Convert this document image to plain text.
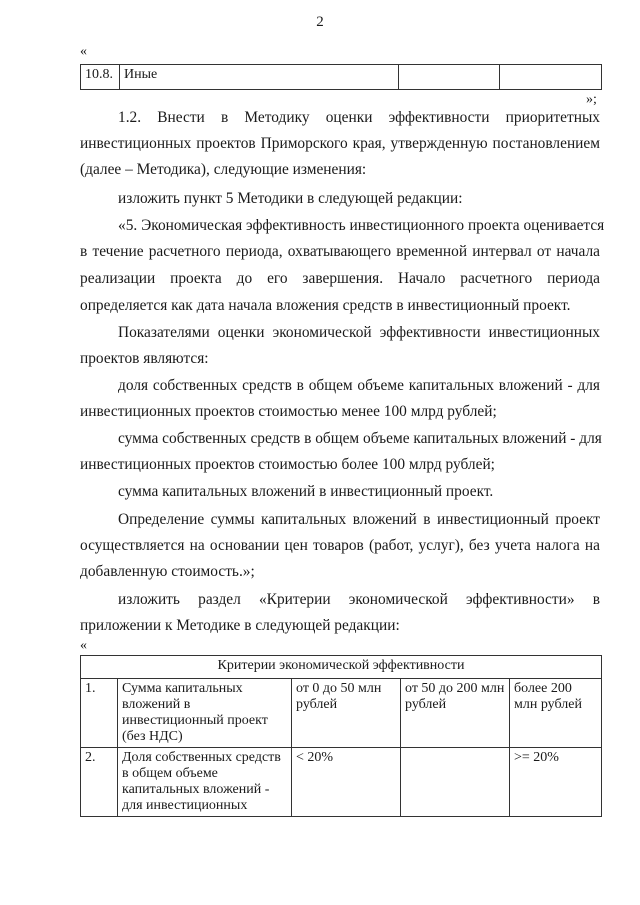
2
«
10.8.	Иные		
»;
1.2. Внести в Методику оценки эффективности приоритетных
инвестиционных проектов Приморского края, утвержденную постановлением
(далее – Методика), следующие изменения:
изложить пункт 5 Методики в следующей редакции:
«5. Экономическая эффективность инвестиционного проекта оценивается
в течение расчетного периода, охватывающего временной интервал от начала
реализации проекта до его завершения. Начало расчетного периода
определяется как дата начала вложения средств в инвестиционный проект.
Показателями оценки экономической эффективности инвестиционных
проектов являются:
доля собственных средств в общем объеме капитальных вложений - для
инвестиционных проектов стоимостью менее 100 млрд рублей;
сумма собственных средств в общем объеме капитальных вложений - для
инвестиционных проектов стоимостью более 100 млрд рублей;
сумма капитальных вложений в инвестиционный проект.
Определение суммы капитальных вложений в инвестиционный проект
осуществляется на основании цен товаров (работ, услуг), без учета налога на
добавленную стоимость.»;
изложить раздел «Критерии экономической эффективности» в
приложении к Методике в следующей редакции:
«
Критерии экономической эффективности				
1.	Сумма капитальных вложений в инвестиционный проект (без НДС)	от 0 до 50 млн рублей	от 50 до 200 млн рублей	более 200 млн рублей
2.	Доля собственных средств в общем объеме капитальных вложений - для инвестиционных	< 20%		>= 20%
